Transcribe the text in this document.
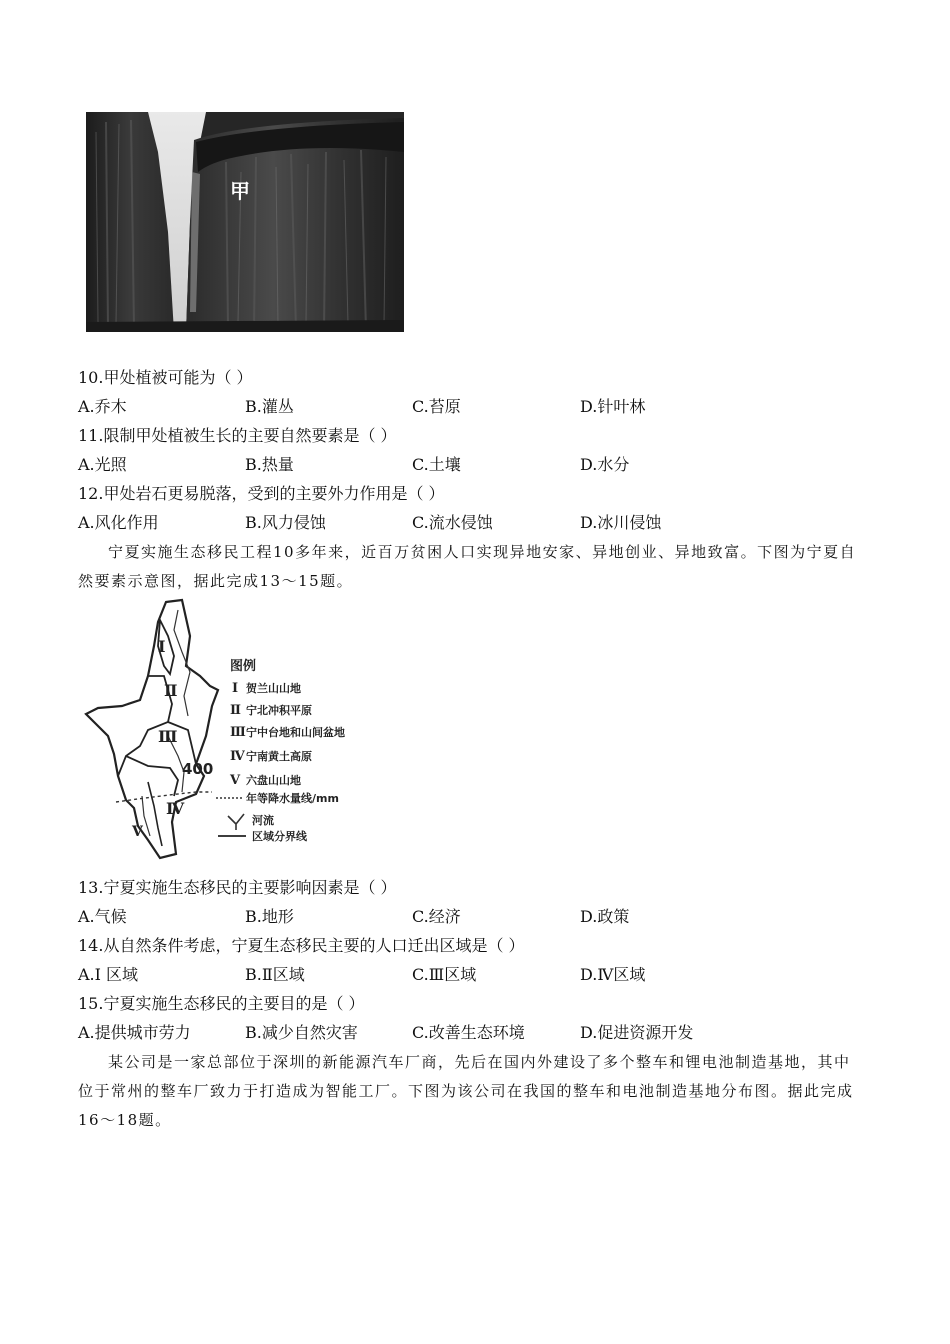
甲
10.甲处植被可能为（ ）
A.乔木	B.灌丛	C.苔原	D.针叶林
11.限制甲处植被生长的主要自然要素是（ ）
A.光照	B.热量	C.土壤	D.水分
12.甲处岩石更易脱落，受到的主要外力作用是（ ）
A.风化作用	B.风力侵蚀	C.流水侵蚀	D.冰川侵蚀
宁夏实施生态移民工程10多年来，近百万贫困人口实现异地安家、异地创业、异地致富。下图为宁夏自
然要素示意图，据此完成13～15题。
Ⅰ
Ⅱ
Ⅲ
Ⅳ
Ⅴ
400
图例
Ⅰ 贺兰山山地
Ⅱ 宁北冲积平原
Ⅲ 宁中台地和山间盆地
Ⅳ 宁南黄土高原
Ⅴ 六盘山山地
年等降水量线/mm
河流
区域分界线
13.宁夏实施生态移民的主要影响因素是（ ）
A.气候	B.地形	C.经济	D.政策
14.从自然条件考虑，宁夏生态移民主要的人口迁出区域是（ ）
A.I 区域	B.Ⅱ区域	C.Ⅲ区域	D.Ⅳ区域
15.宁夏实施生态移民的主要目的是（ ）
A.提供城市劳力	B.减少自然灾害	C.改善生态环境	D.促进资源开发
某公司是一家总部位于深圳的新能源汽车厂商，先后在国内外建设了多个整车和锂电池制造基地，其中
位于常州的整车厂致力于打造成为智能工厂。下图为该公司在我国的整车和电池制造基地分布图。据此完成
16～18题。
